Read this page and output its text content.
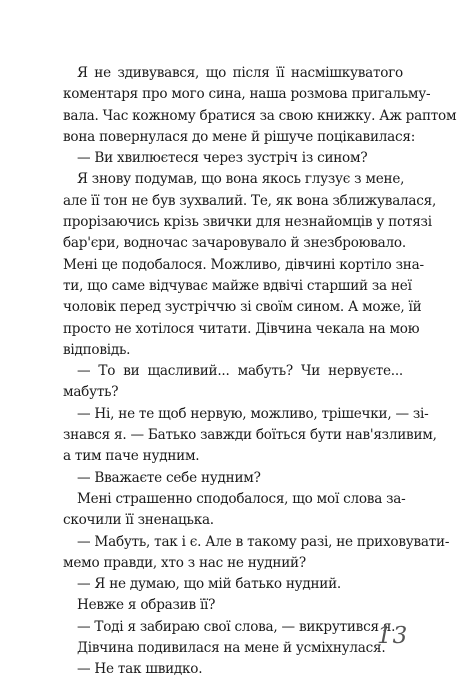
Я не здивувався, що після її насмішкуватого
коментаря про мого сина, наша розмова пригальму-
вала. Час кожному братися за свою книжку. Аж раптом
вона повернулася до мене й рішуче поцікавилася:
— Ви хвилюєтеся через зустріч із сином?
Я знову подумав, що вона якось глузує з мене,
але її тон не був зухвалий. Те, як вона зближувалася,
прорізаючись крізь звички для незнайомців у потязі
бар'єри, водночас зачаровувало й знезброювало.
Мені це подобалося. Можливо, дівчині кортіло зна-
ти, що саме відчуває майже вдвічі старший за неї
чоловік перед зустріччю зі своїм сином. А може, їй
просто не хотілося читати. Дівчина чекала на мою
відповідь.
— То ви щасливий... мабуть? Чи нервуєте...
мабуть?
— Ні, не те щоб нервую, можливо, трішечки, — зі-
знався я. — Батько завжди боїться бути нав'язливим,
а тим паче нудним.
— Вважаєте себе нудним?
Мені страшенно сподобалося, що мої слова за-
скочили її зненацька.
— Мабуть, так і є. Але в такому разі, не приховувати-
мемо правди, хто з нас не нудний?
— Я не думаю, що мій батько нудний.
Невже я образив її?
— Тоді я забираю свої слова, — викрутився я.
Дівчина подивилася на мене й усміхнулася.
— Не так швидко.
13
